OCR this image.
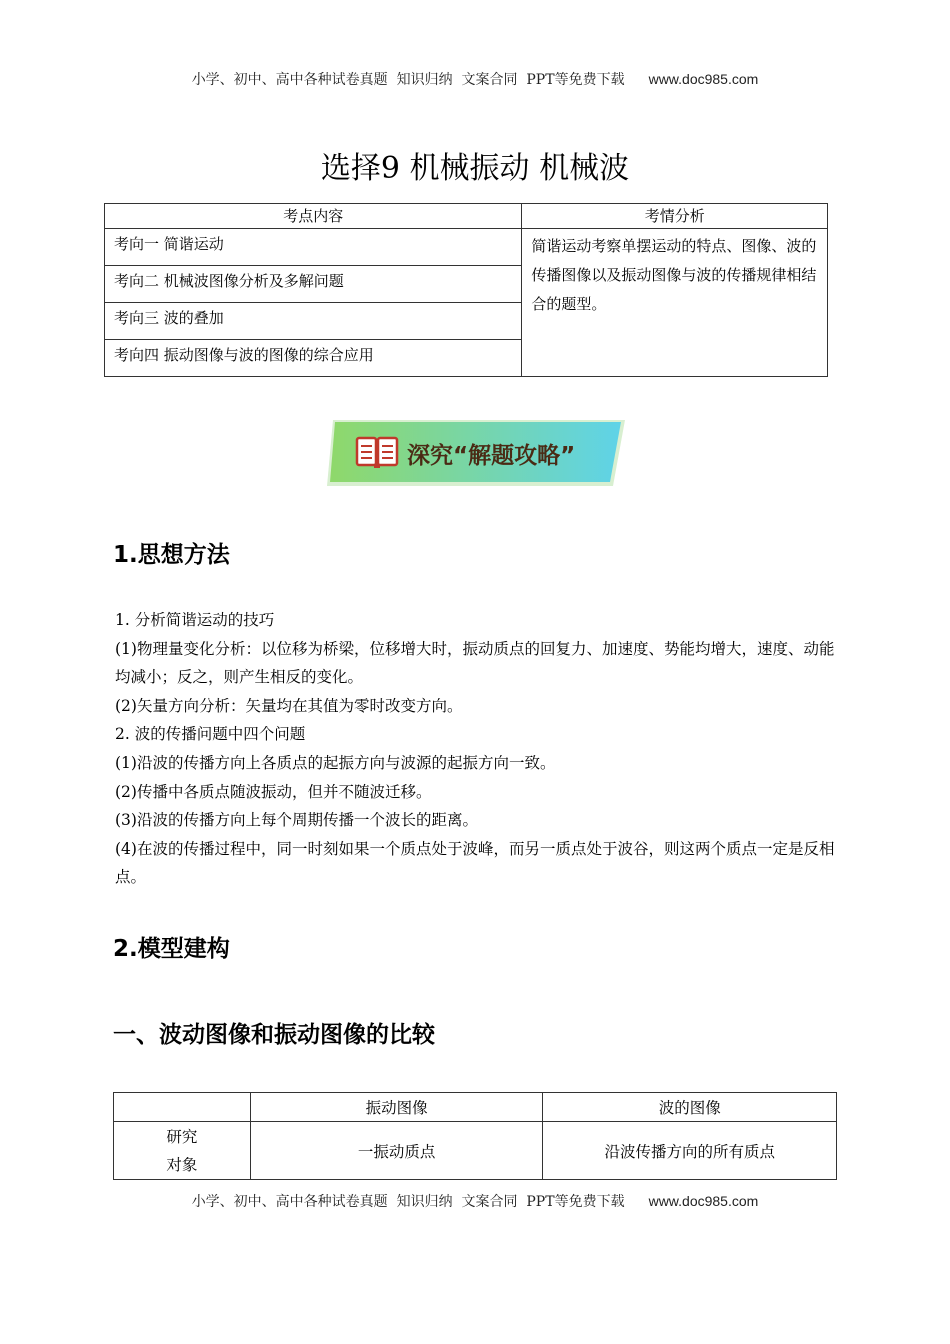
小学、初中、高中各种试卷真题  知识归纳  文案合同  PPT等免费下载 www.doc985.com
选择9 机械振动 机械波
考点内容	考情分析
考向一 简谐运动	简谐运动考察单摆运动的特点、图像、波的传播图像以及振动图像与波的传播规律相结合的题型。
考向二 机械波图像分析及多解问题	
考向三 波的叠加	
考向四 振动图像与波的图像的综合应用	
深究“解题攻略”
1.思想方法

1. 分析简谐运动的技巧

(1)物理量变化分析：以位移为桥梁，位移增大时，振动质点的回复力、加速度、势能均增大，速度、动能均减小；反之，则产生相反的变化。

(2)矢量方向分析：矢量均在其值为零时改变方向。

2. 波的传播问题中四个问题

(1)沿波的传播方向上各质点的起振方向与波源的起振方向一致。

(2)传播中各质点随波振动，但并不随波迁移。

(3)沿波的传播方向上每个周期传播一个波长的距离。

(4)在波的传播过程中，同一时刻如果一个质点处于波峰，而另一质点处于波谷，则这两个质点一定是反相点。

2.模型建构
一、波动图像和振动图像的比较
	振动图像	波的图像
研究
对象	一振动质点	沿波传播方向的所有质点
小学、初中、高中各种试卷真题  知识归纳  文案合同  PPT等免费下载 www.doc985.com
